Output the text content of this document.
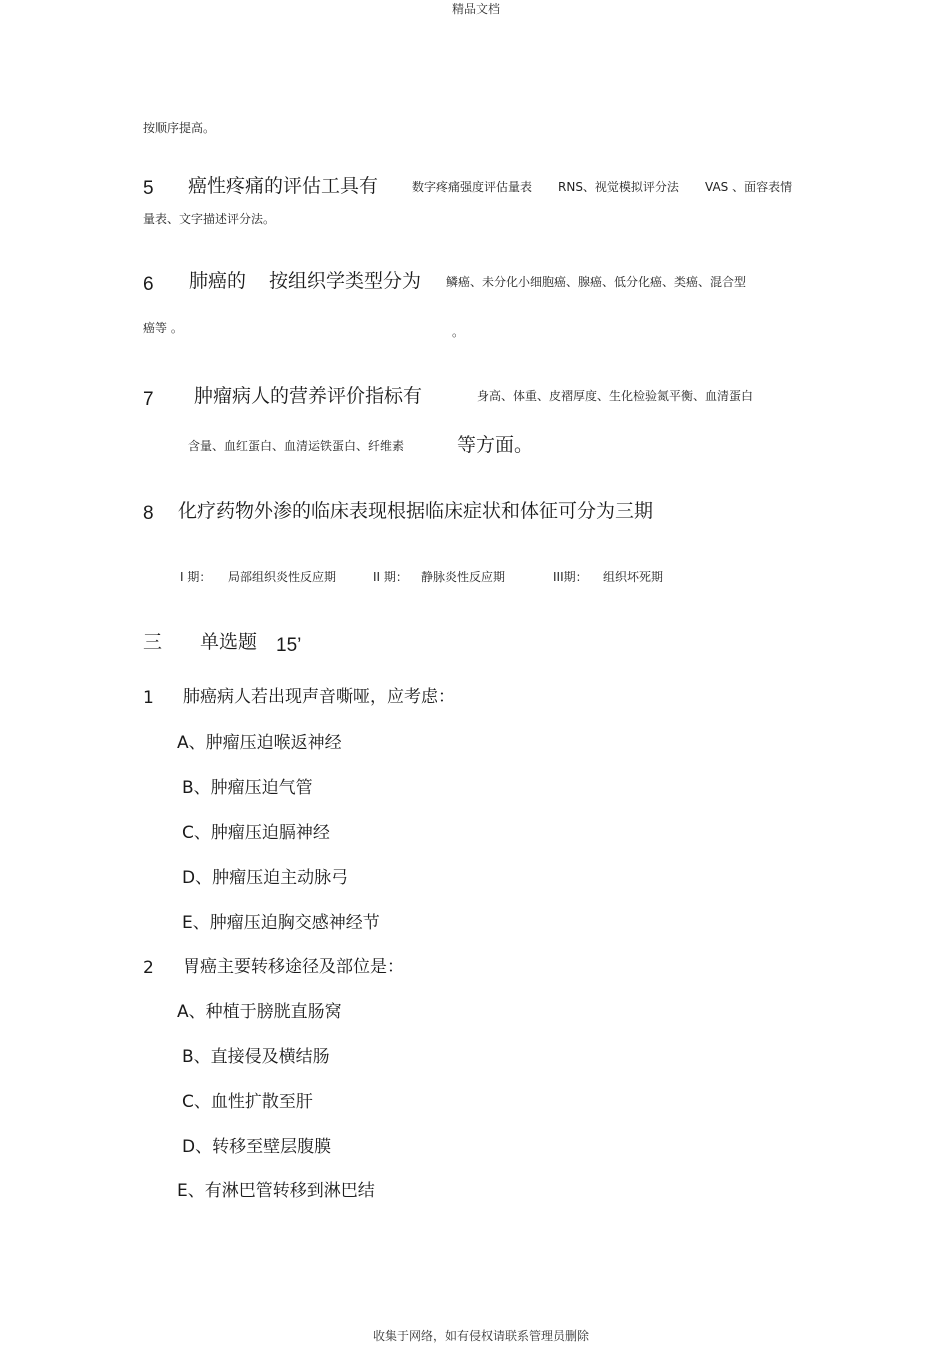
精品文档
收集于网络，如有侵权请联系管理员删除
按顺序提高。
5 癌性疼痛的评估工具有	数字疼痛强度评估量表 RNS、视觉模拟评分法 VAS 、面容表情
量表、文字描述评分法。
6 肺癌的 按组织学类型分为 鳞癌、未分化小细胞癌、腺癌、低分化癌、类癌、混合型
癌等 。	。
7 肿瘤病人的营养评价指标有	身高、体重、皮褶厚度、生化检验氮平衡、血清蛋白
含量、血红蛋白、血清运铁蛋白、纤维素	等方面。
8 化疗药物外渗的临床表现根据临床症状和体征可分为三期
I 期： 局部组织炎性反应期	II 期： 静脉炎性反应期	III期： 组织坏死期
三 单选题 15’
1 肺癌病人若出现声音嘶哑，应考虑：
A、肿瘤压迫喉返神经
B、肿瘤压迫气管
C、肿瘤压迫膈神经
D、肿瘤压迫主动脉弓
E、肿瘤压迫胸交感神经节
2 胃癌主要转移途径及部位是：
A、种植于膀胱直肠窝
B、直接侵及横结肠
C、血性扩散至肝
D、转移至壁层腹膜
E、有淋巴管转移到淋巴结
